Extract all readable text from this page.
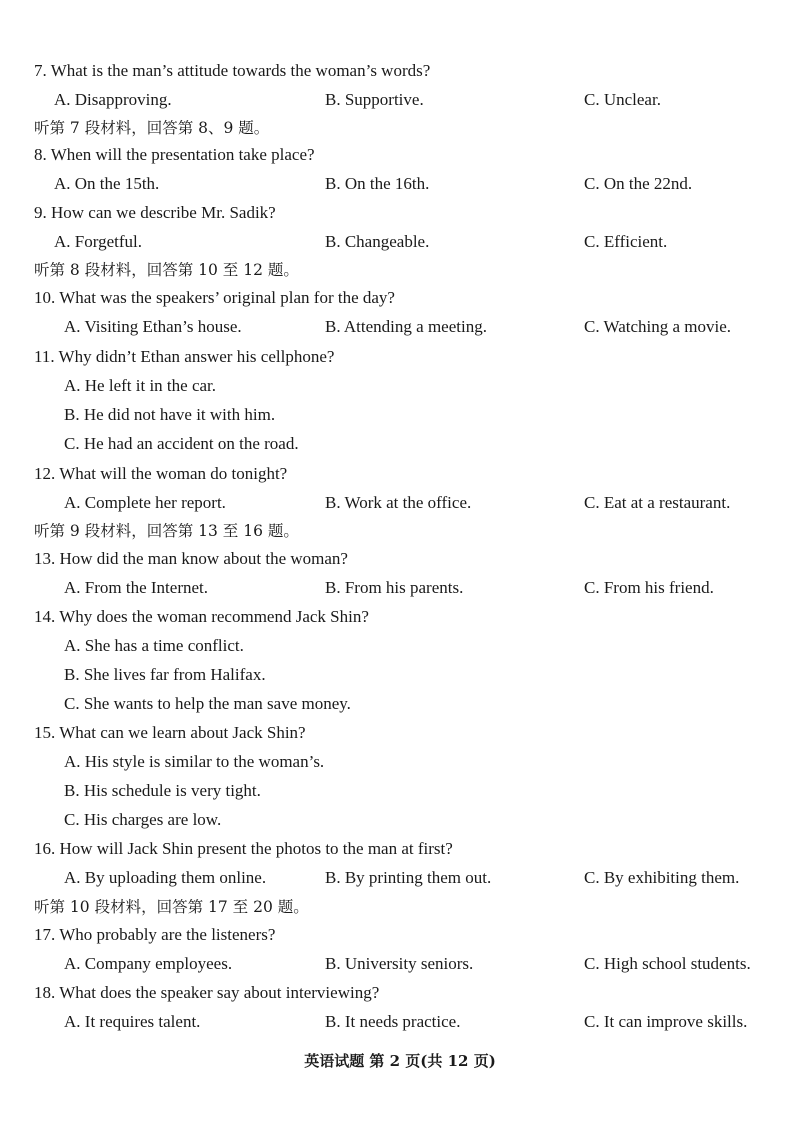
7. What is the man’s attitude towards the woman’s words?
A. Disapproving.	B. Supportive.	C. Unclear.
听第 7 段材料，回答第 8、9 题。
8. When will the presentation take place?
A. On the 15th.	B. On the 16th.	C. On the 22nd.
9. How can we describe Mr. Sadik?
A. Forgetful.	B. Changeable.	C. Efficient.
听第 8 段材料，回答第 10 至 12 题。
10. What was the speakers’ original plan for the day?
A. Visiting Ethan’s house.	B. Attending a meeting.	C. Watching a movie.
11. Why didn’t Ethan answer his cellphone?
A. He left it in the car.
B. He did not have it with him.
C. He had an accident on the road.
12. What will the woman do tonight?
A. Complete her report.	B. Work at the office.	C. Eat at a restaurant.
听第 9 段材料，回答第 13 至 16 题。
13. How did the man know about the woman?
A. From the Internet.	B. From his parents.	C. From his friend.
14. Why does the woman recommend Jack Shin?
A. She has a time conflict.
B. She lives far from Halifax.
C. She wants to help the man save money.
15. What can we learn about Jack Shin?
A. His style is similar to the woman’s.
B. His schedule is very tight.
C. His charges are low.
16. How will Jack Shin present the photos to the man at first?
A. By uploading them online.	B. By printing them out.	C. By exhibiting them.
听第 10 段材料，回答第 17 至 20 题。
17. Who probably are the listeners?
A. Company employees.	B. University seniors.	C. High school students.
18. What does the speaker say about interviewing?
A. It requires talent.	B. It needs practice.	C. It can improve skills.
英语试题 第 2 页(共 12 页)
